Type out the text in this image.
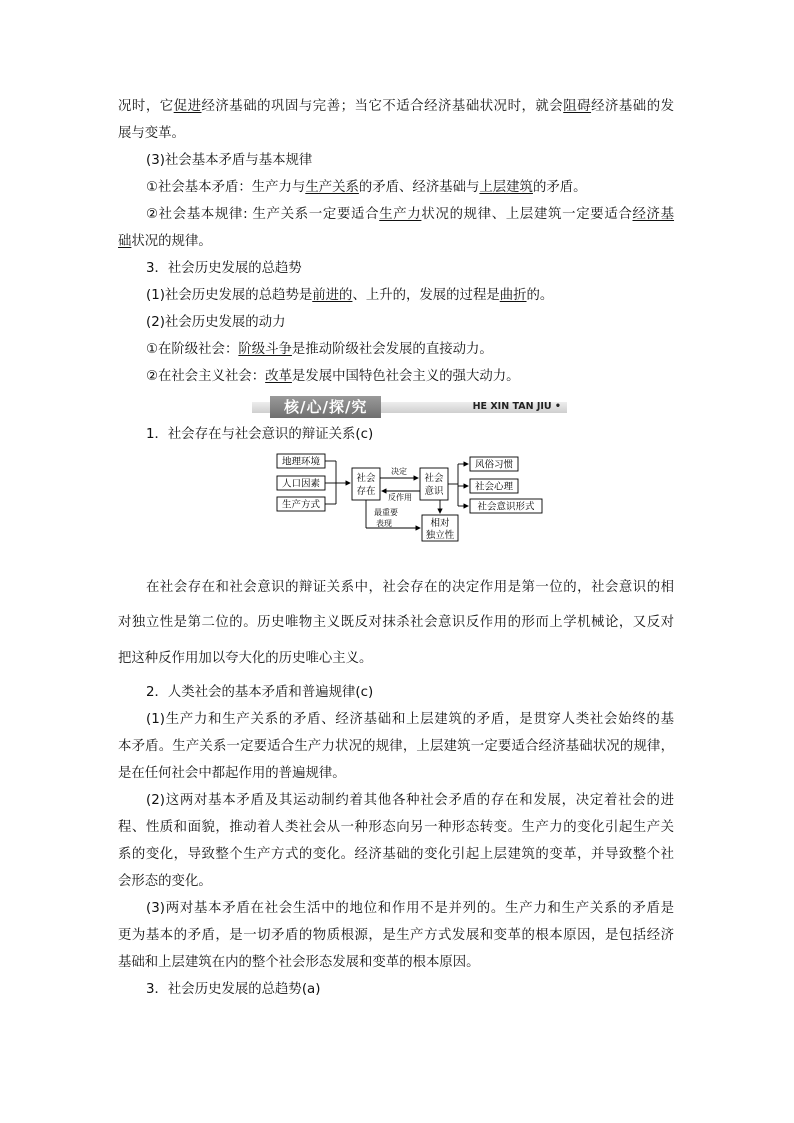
况时，它促进经济基础的巩固与完善；当它不适合经济基础状况时，就会阻碍经济基础的发
展与变革。
(3)社会基本矛盾与基本规律
①社会基本矛盾：生产力与生产关系的矛盾、经济基础与上层建筑的矛盾。
②社会基本规律: 生产关系一定要适合生产力状况的规律、上层建筑一定要适合经济基
础状况的规律。
3．社会历史发展的总趋势
(1)社会历史发展的总趋势是前进的、上升的，发展的过程是曲折的。
(2)社会历史发展的动力
①在阶级社会：阶级斗争是推动阶级社会发展的直接动力。
②在社会主义社会：改革是发展中国特色社会主义的强大动力。
核/心/探/究	HE XIN TAN JIU •
1．社会存在与社会意识的辩证关系(c)
地理环境
人口因素
生产方式
社会
存在
社会
意识
相对
独立性
风俗习惯
社会心理
社会意识形式
决定
反作用
最重要
表现
在社会存在和社会意识的辩证关系中，社会存在的决定作用是第一位的，社会意识的相
对独立性是第二位的。历史唯物主义既反对抹杀社会意识反作用的形而上学机械论，又反对
把这种反作用加以夸大化的历史唯心主义。
2．人类社会的基本矛盾和普遍规律(c)
(1)生产力和生产关系的矛盾、经济基础和上层建筑的矛盾，是贯穿人类社会始终的基
本矛盾。生产关系一定要适合生产力状况的规律，上层建筑一定要适合经济基础状况的规律，
是在任何社会中都起作用的普遍规律。
(2)这两对基本矛盾及其运动制约着其他各种社会矛盾的存在和发展，决定着社会的进
程、性质和面貌，推动着人类社会从一种形态向另一种形态转变。生产力的变化引起生产关
系的变化，导致整个生产方式的变化。经济基础的变化引起上层建筑的变革，并导致整个社
会形态的变化。
(3)两对基本矛盾在社会生活中的地位和作用不是并列的。生产力和生产关系的矛盾是
更为基本的矛盾，是一切矛盾的物质根源，是生产方式发展和变革的根本原因，是包括经济
基础和上层建筑在内的整个社会形态发展和变革的根本原因。
3．社会历史发展的总趋势(a)
